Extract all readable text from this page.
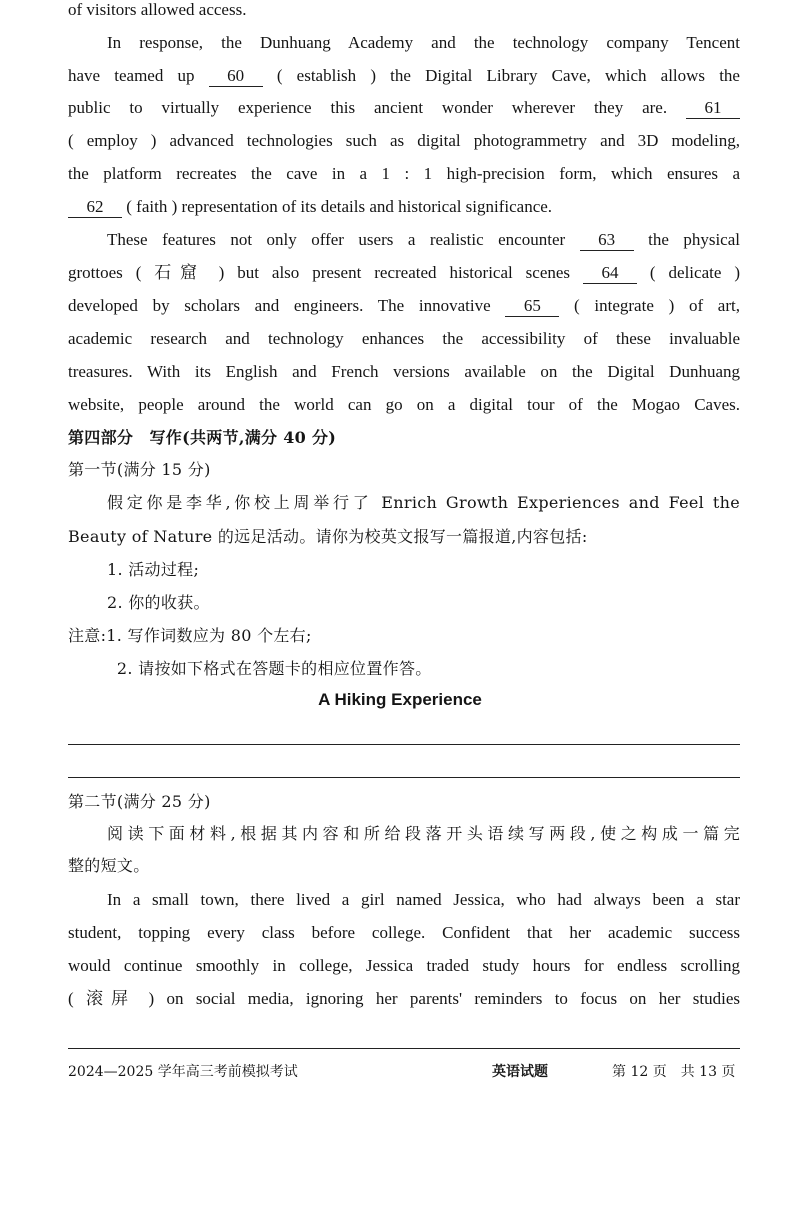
of visitors allowed access.
In response, the Dunhuang Academy and the technology company Tencent
have teamed up 60 ( establish ) the Digital Library Cave, which allows the
public to virtually experience this ancient wonder wherever they are. 61
( employ ) advanced technologies such as digital photogrammetry and 3D modeling,
the platform recreates the cave in a 1 : 1 high-precision form, which ensures a
62 ( faith ) representation of its details and historical significance.
These features not only offer users a realistic encounter 63 the physical
grottoes ( 石窟 ) but also present recreated historical scenes 64 ( delicate )
developed by scholars and engineers. The innovative 65 ( integrate ) of art,
academic research and technology enhances the accessibility of these invaluable
treasures. With its English and French versions available on the Digital Dunhuang
website, people around the world can go on a digital tour of the Mogao Caves.
第四部分　写作(共两节,满分 40 分)
第一节(满分 15 分)
假定你是李华,你校上周举行了 Enrich Growth Experiences and Feel the
Beauty of Nature 的远足活动。请你为校英文报写一篇报道,内容包括:
1. 活动过程;
2. 你的收获。
注意:1. 写作词数应为 80 个左右;
　　　2. 请按如下格式在答题卡的相应位置作答。
第二节(满分 25 分)
阅读下面材料,根据其内容和所给段落开头语续写两段,使之构成一篇完
整的短文。
In a small town, there lived a girl named Jessica, who had always been a star
student, topping every class before college. Confident that her academic success
would continue smoothly in college, Jessica traded study hours for endless scrolling
( 滚屏 ) on social media, ignoring her parents' reminders to focus on her studies
A Hiking Experience
2024—2025 学年高三考前模拟考试	英语试题	第 12 页　共 13 页
